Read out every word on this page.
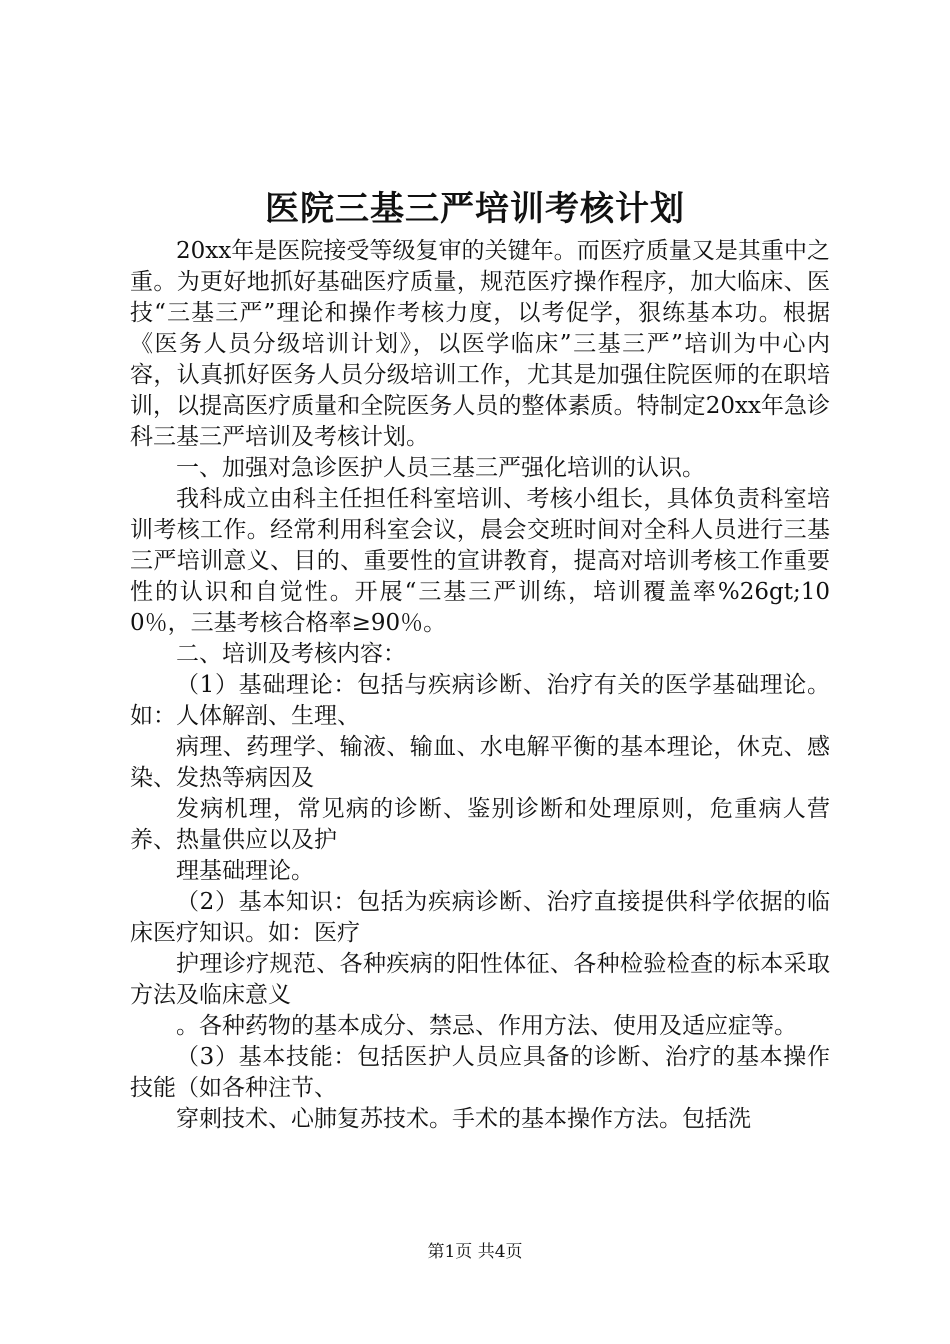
医院三基三严培训考核计划

20xx年是医院接受等级复审的关键年。而医疗质量又是其重中之重。为更好地抓好基础医疗质量，规范医疗操作程序，加大临床、医技“三基三严”理论和操作考核力度，以考促学，狠练基本功。根据《医务人员分级培训计划》，以医学临床”三基三严”培训为中心内容，认真抓好医务人员分级培训工作，尤其是加强住院医师的在职培训，以提高医疗质量和全院医务人员的整体素质。特制定20xx年急诊科三基三严培训及考核计划。

一、加强对急诊医护人员三基三严强化培训的认识。

我科成立由科主任担任科室培训、考核小组长，具体负责科室培训考核工作。经常利用科室会议，晨会交班时间对全科人员进行三基三严培训意义、目的、重要性的宣讲教育，提高对培训考核工作重要性的认识和自觉性。开展“三基三严训练，培训覆盖率%26gt;100％，三基考核合格率≥90％。

二、培训及考核内容：

（1）基础理论：包括与疾病诊断、治疗有关的医学基础理论。如：人体解剖、生理、

病理、药理学、输液、输血、水电解平衡的基本理论，休克、感染、发热等病因及

发病机理，常见病的诊断、鉴别诊断和处理原则，危重病人营养、热量供应以及护

理基础理论。

（2）基本知识：包括为疾病诊断、治疗直接提供科学依据的临床医疗知识。如：医疗

护理诊疗规范、各种疾病的阳性体征、各种检验检查的标本采取方法及临床意义

。各种药物的基本成分、禁忌、作用方法、使用及适应症等。

（3）基本技能：包括医护人员应具备的诊断、治疗的基本操作技能（如各种注节、

穿刺技术、心肺复苏技术。手术的基本操作方法。包括洗

第1页 共4页
